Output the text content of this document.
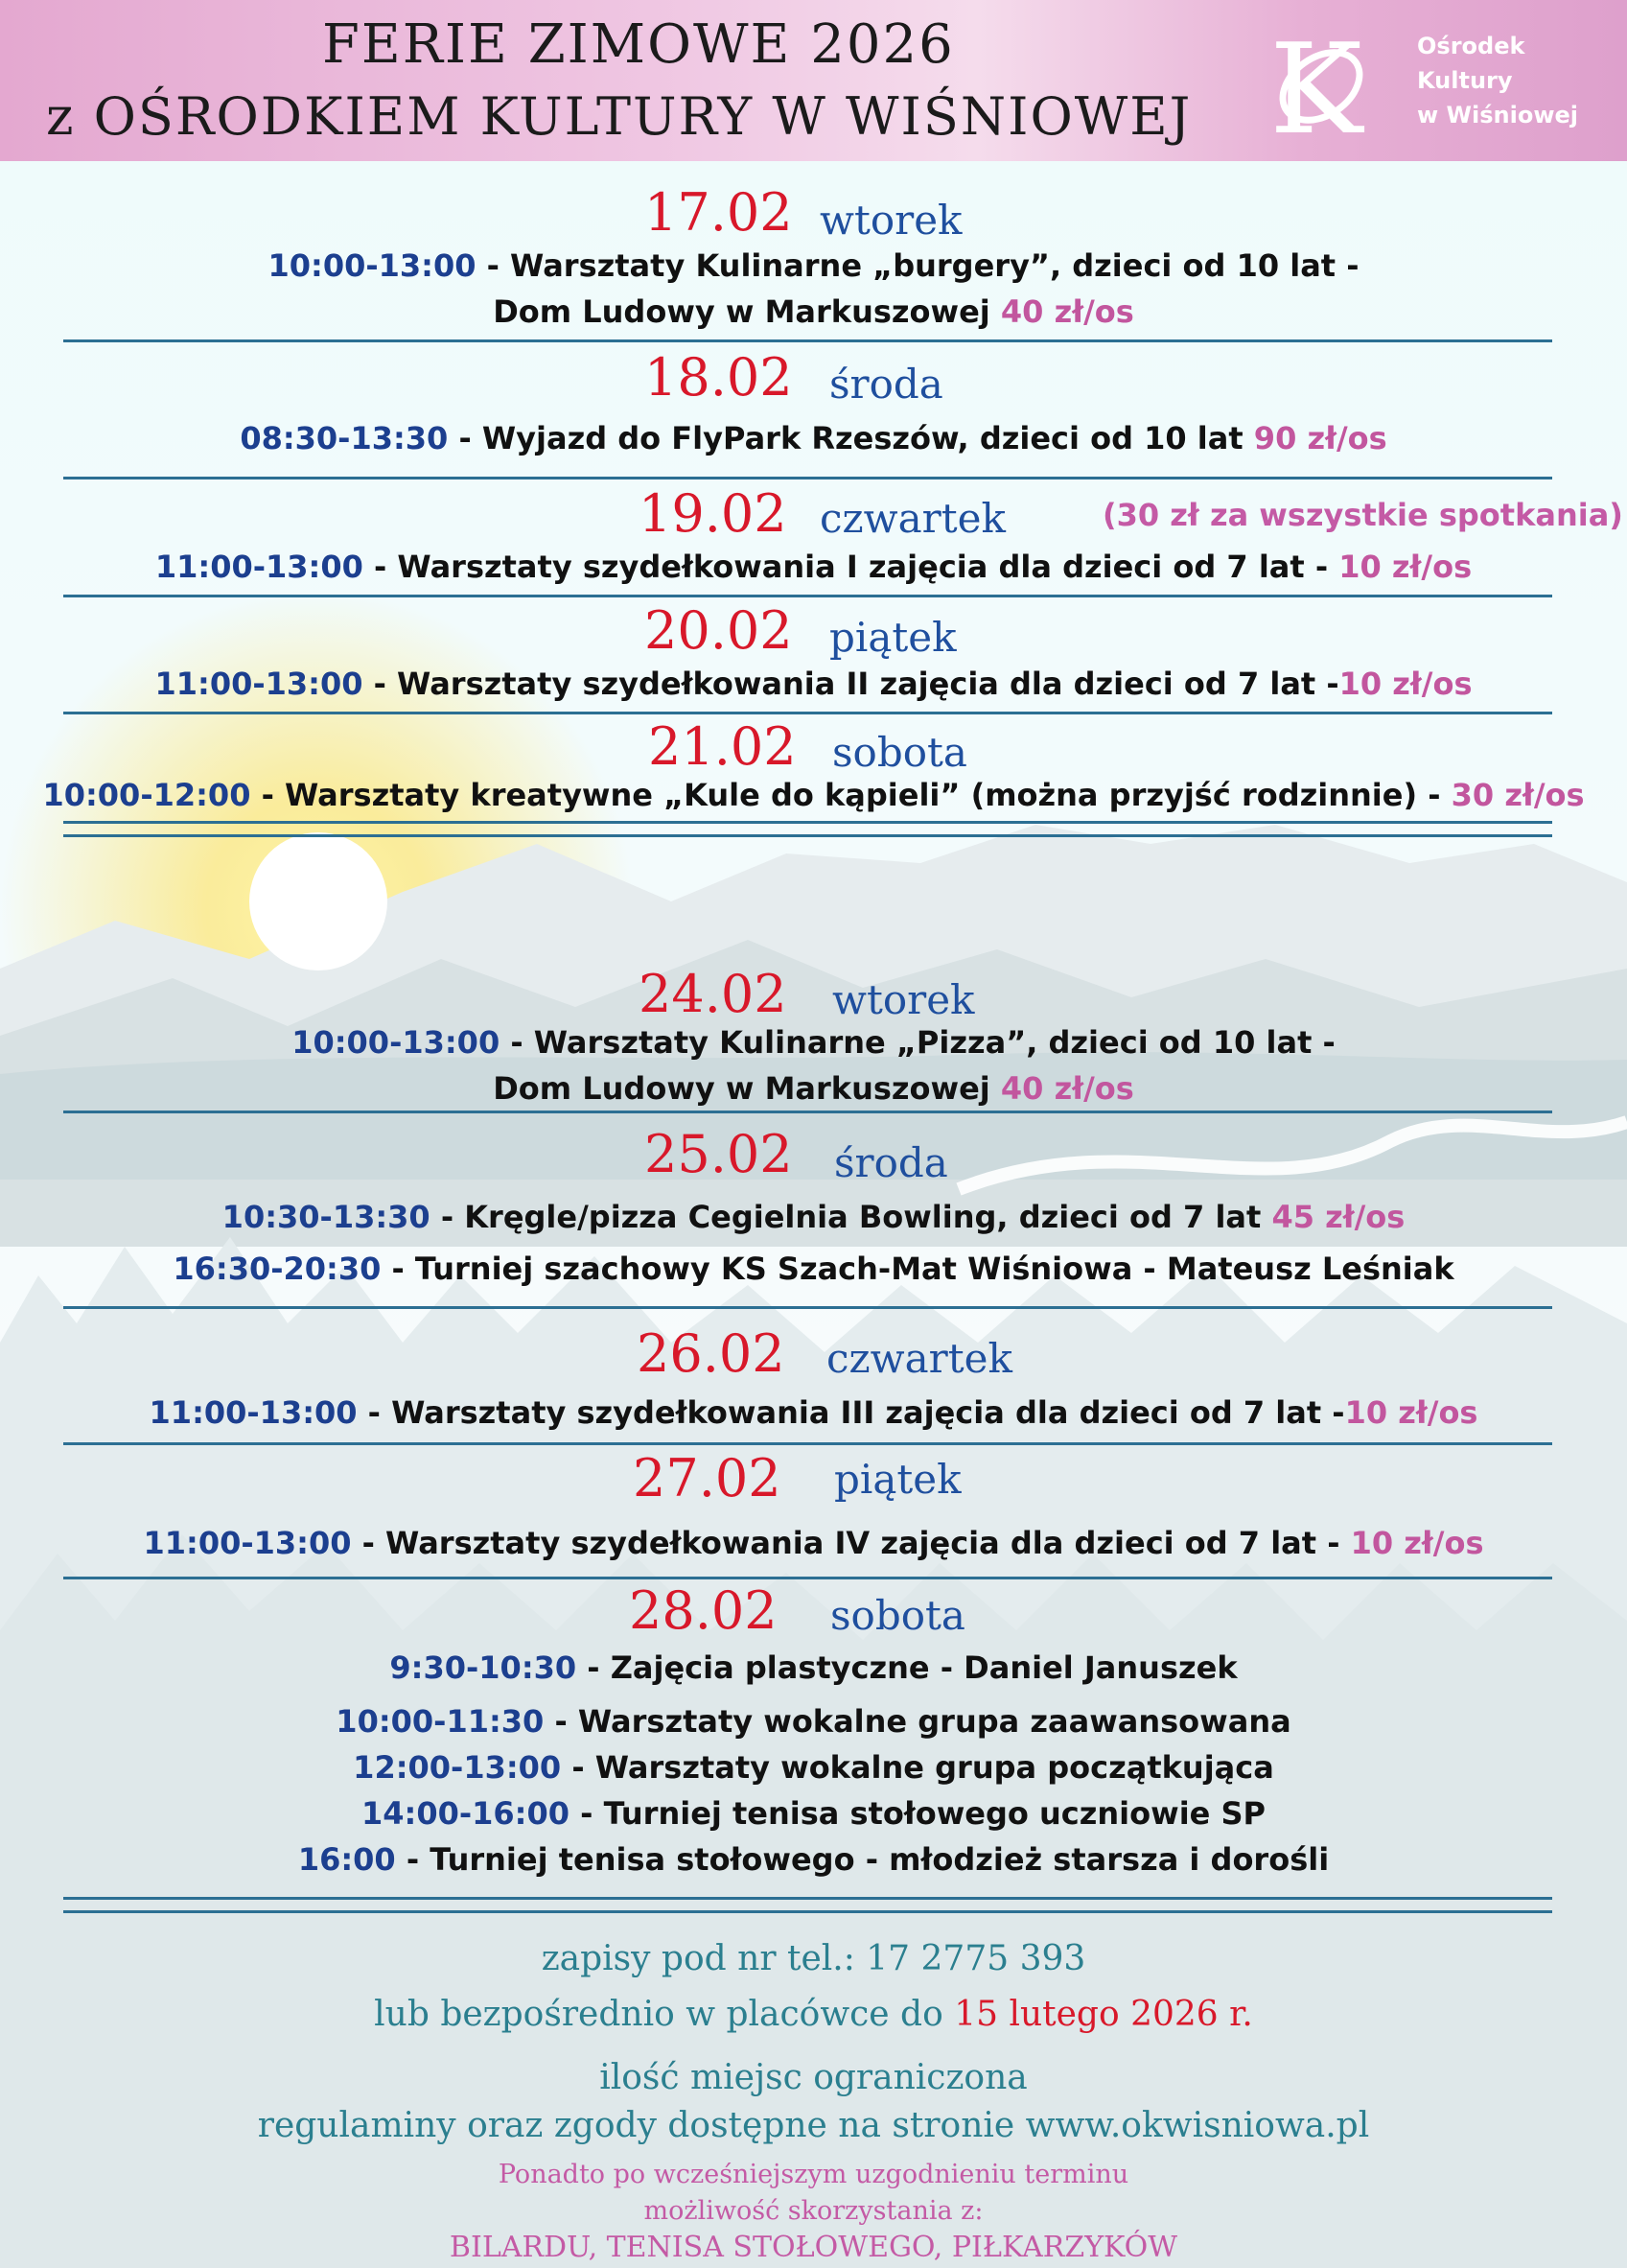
FERIE ZIMOWE 2026
z OŚRODKIEM KULTURY W WIŚNIOWEJ K Ośrodek
Kultury
w Wiśniowej
17.02 wtorek
10:00-13:00 - Warsztaty Kulinarne „burgery”, dzieci od 10 lat -
Dom Ludowy w Markuszowej 40 zł/os
18.02 środa
08:30-13:30 - Wyjazd do FlyPark Rzeszów, dzieci od 10 lat 90 zł/os
19.02 czwartek	(30 zł za wszystkie spotkania)
11:00-13:00 - Warsztaty szydełkowania I zajęcia dla dzieci od 7 lat - 10 zł/os
20.02 piątek
11:00-13:00 - Warsztaty szydełkowania II zajęcia dla dzieci od 7 lat -10 zł/os
21.02 sobota
10:00-12:00 - Warsztaty kreatywne „Kule do kąpieli” (można przyjść rodzinnie) - 30 zł/os
24.02 wtorek
10:00-13:00 - Warsztaty Kulinarne „Pizza”, dzieci od 10 lat -
Dom Ludowy w Markuszowej 40 zł/os
25.02 środa
10:30-13:30 - Kręgle/pizza Cegielnia Bowling, dzieci od 7 lat 45 zł/os
16:30-20:30 - Turniej szachowy KS Szach-Mat Wiśniowa - Mateusz Leśniak
26.02 czwartek
11:00-13:00 - Warsztaty szydełkowania III zajęcia dla dzieci od 7 lat -10 zł/os
27.02 piątek
11:00-13:00 - Warsztaty szydełkowania IV zajęcia dla dzieci od 7 lat - 10 zł/os
28.02 sobota
9:30-10:30 - Zajęcia plastyczne - Daniel Januszek
10:00-11:30 - Warsztaty wokalne grupa zaawansowana
12:00-13:00 - Warsztaty wokalne grupa początkująca
14:00-16:00 - Turniej tenisa stołowego uczniowie SP
16:00 - Turniej tenisa stołowego - młodzież starsza i dorośli
zapisy pod nr tel.: 17 2775 393
lub bezpośrednio w placówce do 15 lutego 2026 r.
ilość miejsc ograniczona
regulaminy oraz zgody dostępne na stronie www.okwisniowa.pl
Ponadto po wcześniejszym uzgodnieniu terminu
możliwość skorzystania z:
BILARDU, TENISA STOŁOWEGO, PIŁKARZYKÓW
